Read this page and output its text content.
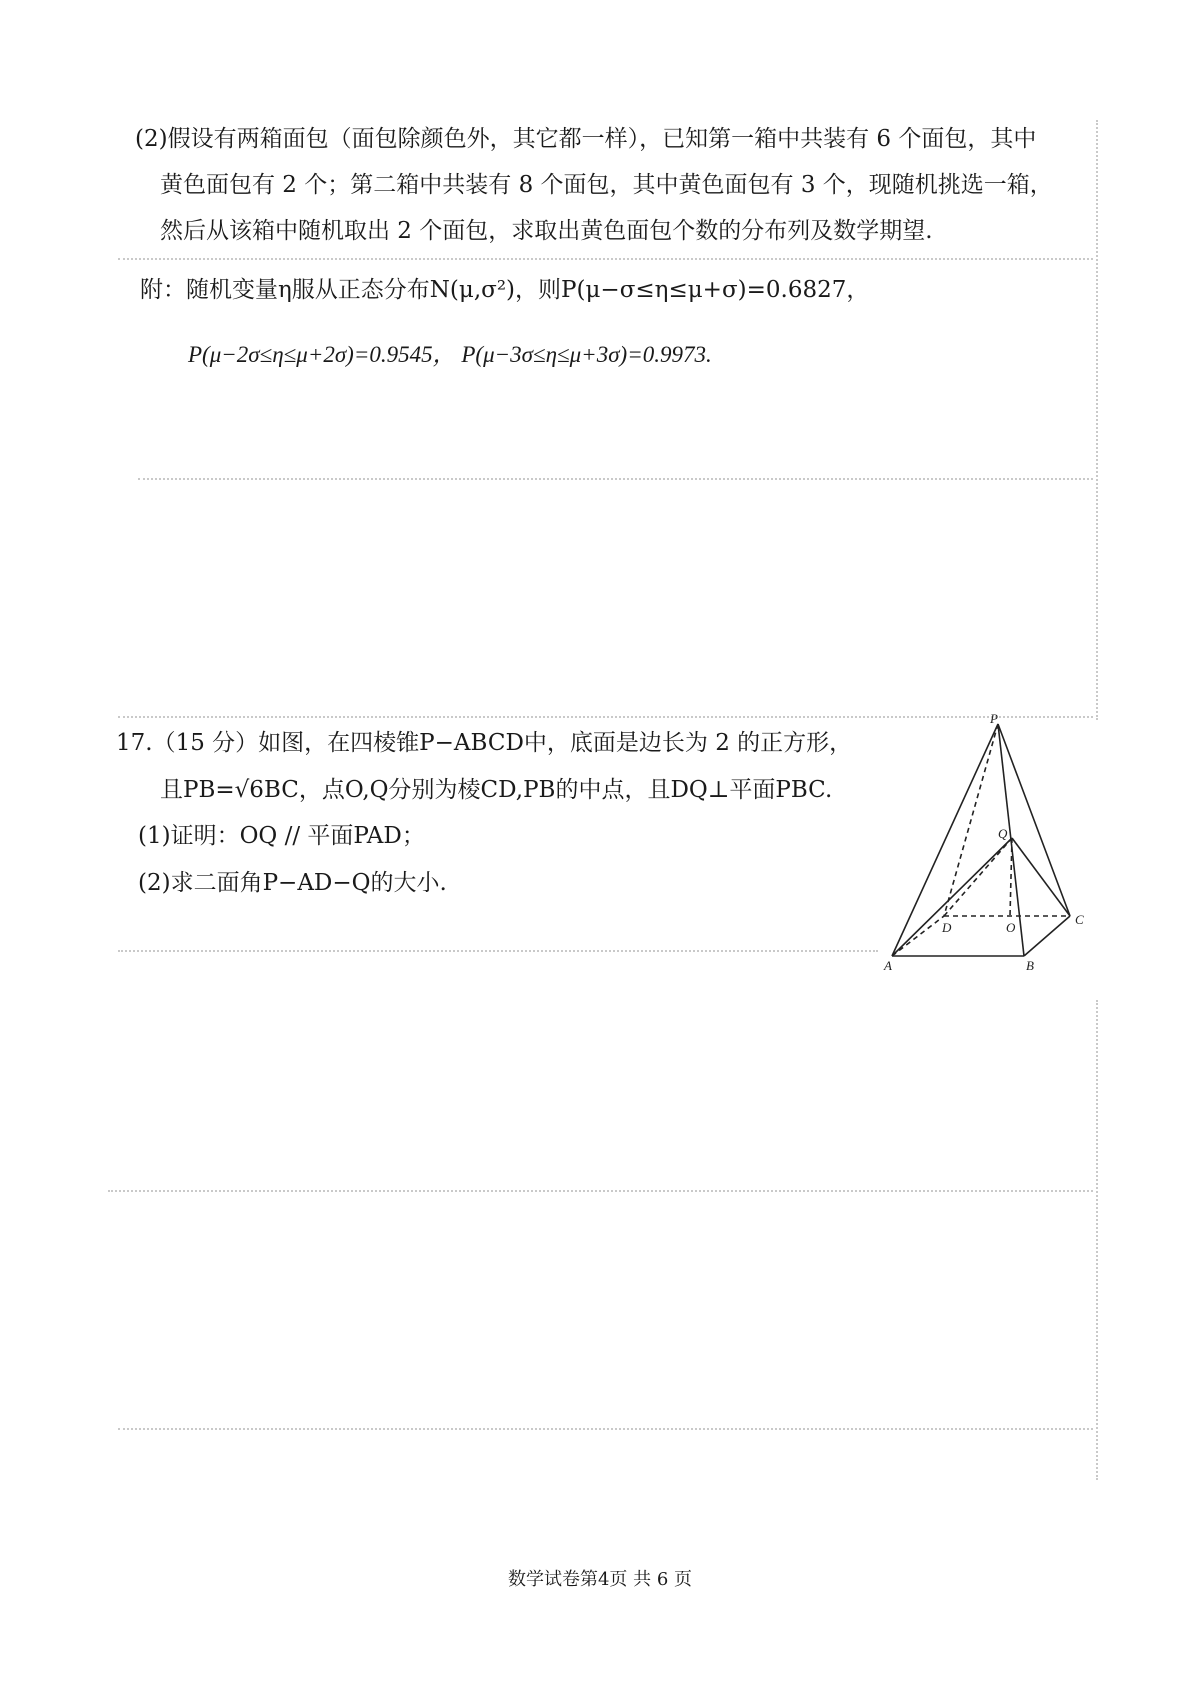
(2)假设有两箱面包（面包除颜色外，其它都一样），已知第一箱中共装有 6 个面包，其中
黄色面包有 2 个；第二箱中共装有 8 个面包，其中黄色面包有 3 个，现随机挑选一箱，
然后从该箱中随机取出 2 个面包，求取出黄色面包个数的分布列及数学期望.
附：随机变量η服从正态分布N(μ,σ²)，则P(μ−σ≤η≤μ+σ)=0.6827，
P(μ−2σ≤η≤μ+2σ)=0.9545， P(μ−3σ≤η≤μ+3σ)=0.9973.
17.（15 分）如图，在四棱锥P−ABCD中，底面是边长为 2 的正方形，
且PB=√6BC，点O,Q分别为棱CD,PB的中点，且DQ⊥平面PBC.
(1)证明：OQ // 平面PAD；
(2)求二面角P−AD−Q的大小.
P
Q
D	O
C
A	B
数学试卷第4页 共 6 页
